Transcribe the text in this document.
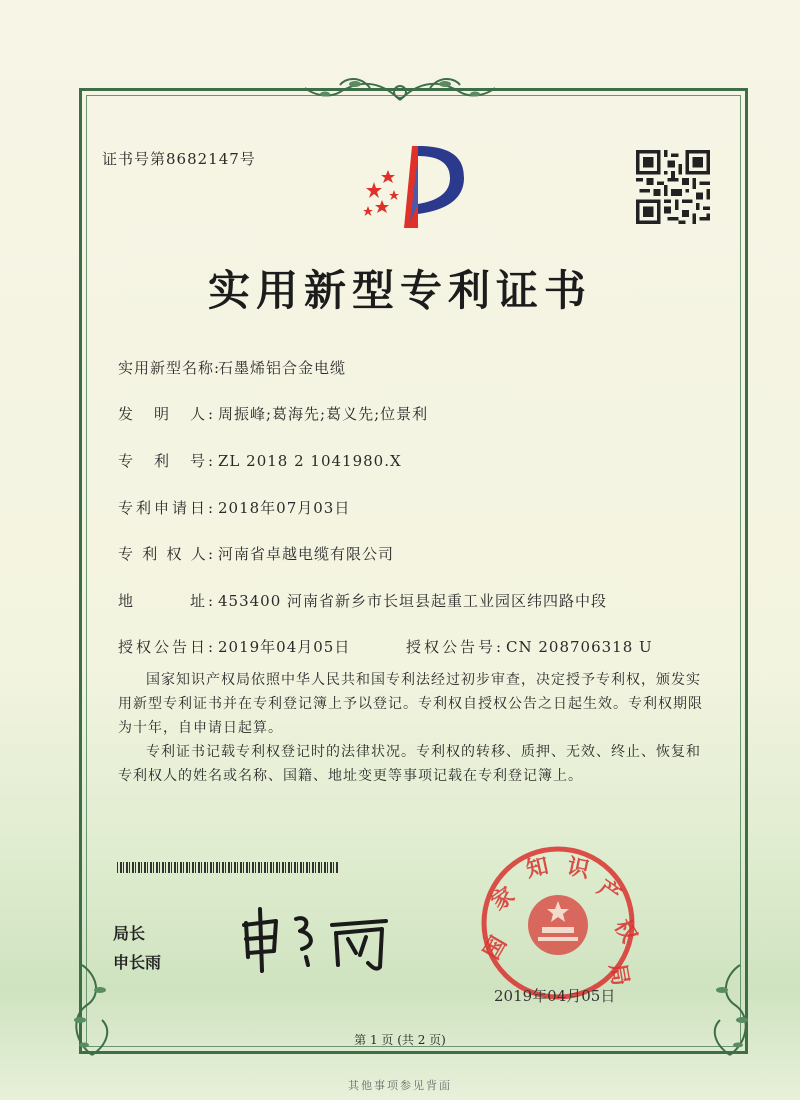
证书号第8682147号
实用新型专利证书
实用新型名称:石墨烯铝合金电缆
发　明　人: 周振峰;葛海先;葛义先;位景利
专　利　号: ZL 2018 2 1041980.X
专利申请日: 2018年07月03日
专 利 权 人: 河南省卓越电缆有限公司
地　　　址: 453400 河南省新乡市长垣县起重工业园区纬四路中段
授权公告日: 2019年04月05日	授权公告号: CN 208706318 U
国家知识产权局依照中华人民共和国专利法经过初步审查，决定授予专利权，颁发实用新型专利证书并在专利登记簿上予以登记。专利权自授权公告之日起生效。专利权期限为十年，自申请日起算。
专利证书记载专利权登记时的法律状况。专利权的转移、质押、无效、终止、恢复和专利权人的姓名或名称、国籍、地址变更等事项记载在专利登记簿上。
局长
申长雨	国
家
知 识
产
权
局
2019年04月05日
第 1 页 (共 2 页)
其他事项参见背面
